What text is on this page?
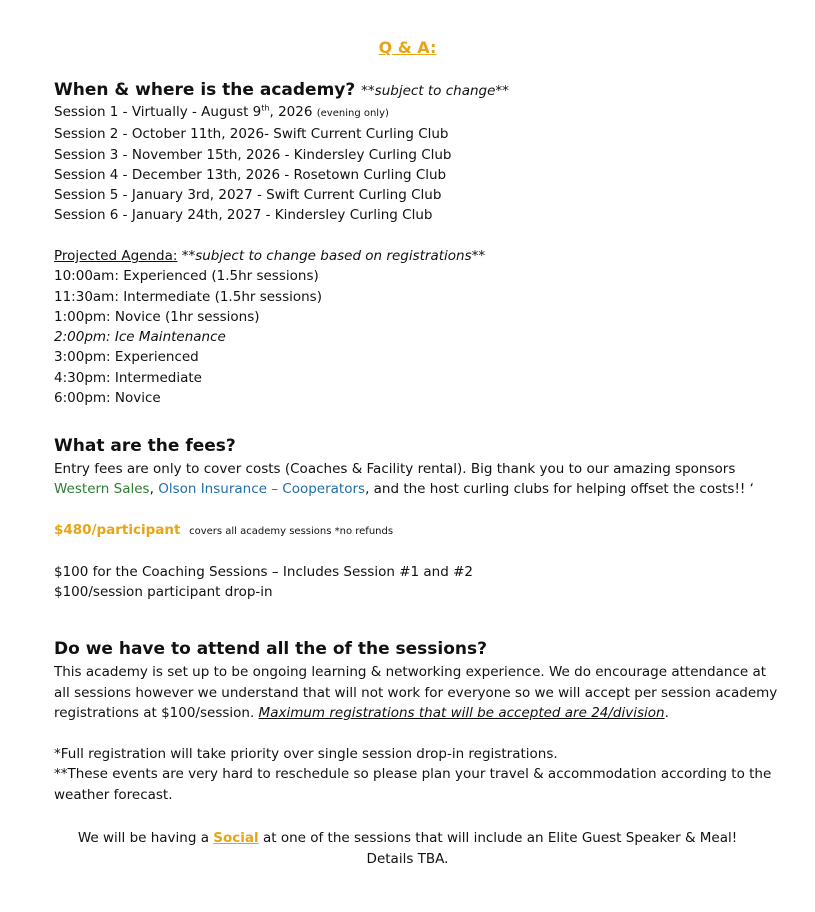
Q & A:
When & where is the academy? **subject to change**
Session 1 - Virtually - August 9th, 2026 (evening only)
Session 2 - October 11th, 2026- Swift Current Curling Club
Session 3 - November 15th, 2026 - Kindersley Curling Club
Session 4 - December 13th, 2026 - Rosetown Curling Club
Session 5 - January 3rd, 2027 - Swift Current Curling Club
Session 6 - January 24th, 2027 - Kindersley Curling Club
Projected Agenda: **subject to change based on registrations**
10:00am: Experienced (1.5hr sessions)
11:30am: Intermediate (1.5hr sessions)
1:00pm: Novice (1hr sessions)
2:00pm: Ice Maintenance
3:00pm: Experienced
4:30pm: Intermediate
6:00pm: Novice
What are the fees?
Entry fees are only to cover costs (Coaches & Facility rental). Big thank you to our amazing sponsors
Western Sales, Olson Insurance – Cooperators, and the host curling clubs for helping offset the costs!! ‘
$480/participant covers all academy sessions *no refunds
$100 for the Coaching Sessions – Includes Session #1 and #2
$100/session participant drop-in
Do we have to attend all the of the sessions?
This academy is set up to be ongoing learning & networking experience. We do encourage attendance at all sessions however we understand that will not work for everyone so we will accept per session academy registrations at $100/session. Maximum registrations that will be accepted are 24/division.
*Full registration will take priority over single session drop-in registrations.
**These events are very hard to reschedule so please plan your travel & accommodation according to the weather forecast.
We will be having a Social at one of the sessions that will include an Elite Guest Speaker & Meal!
Details TBA.
